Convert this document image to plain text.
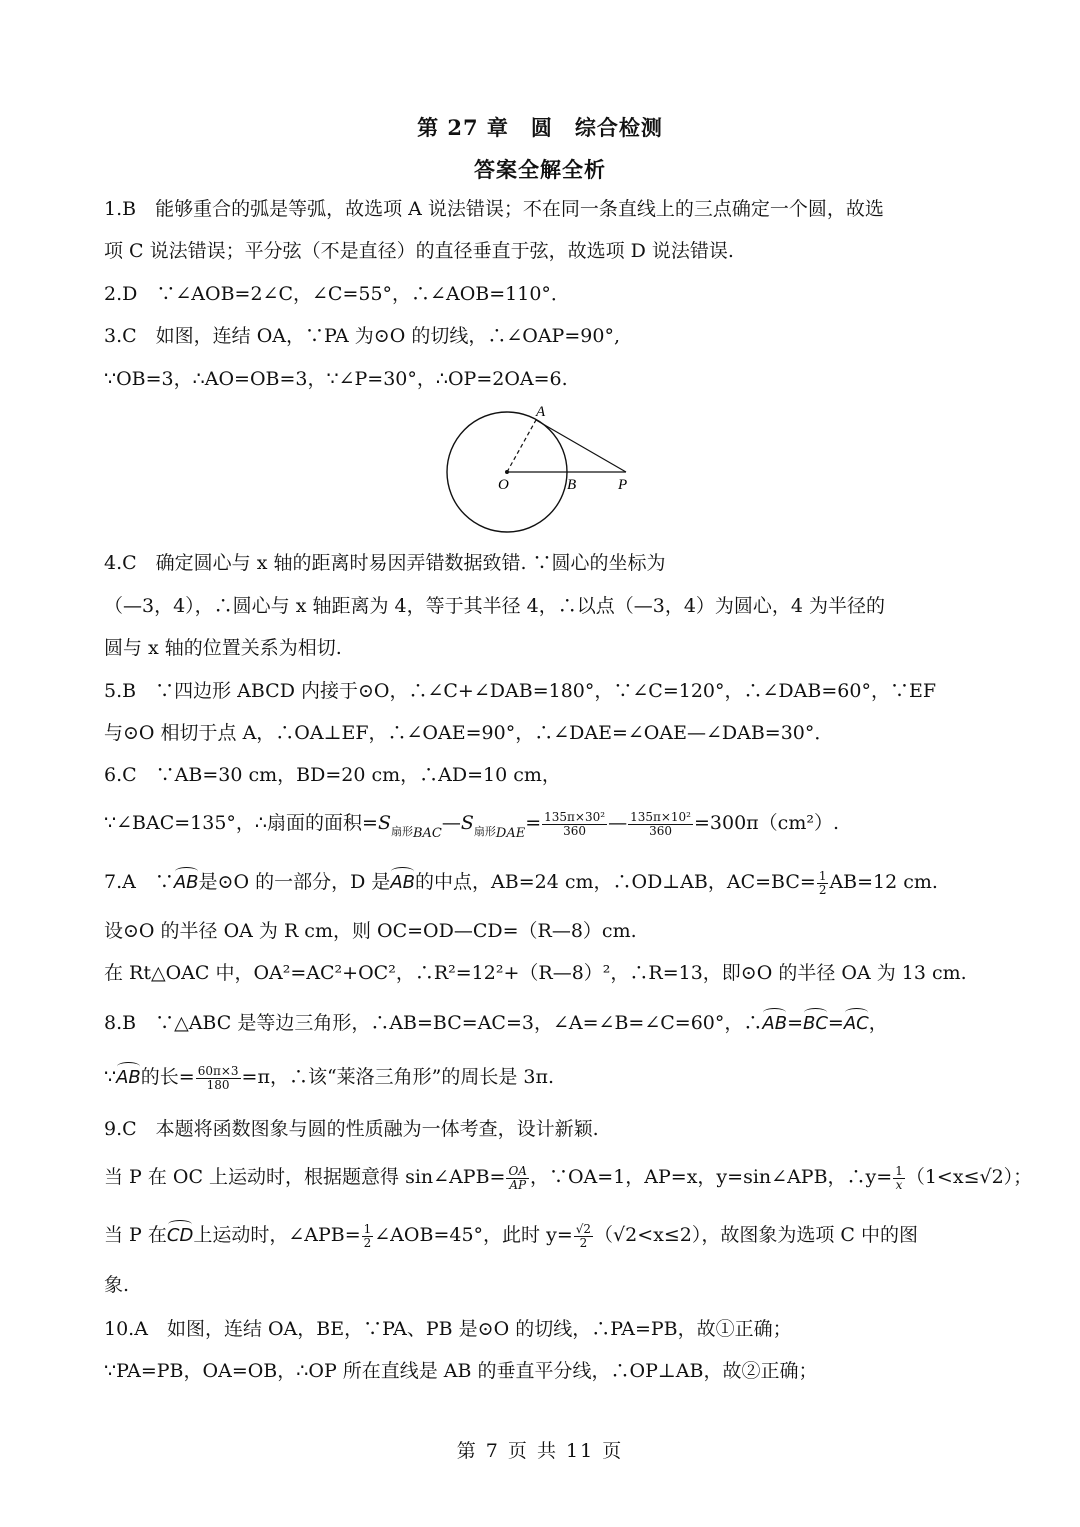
第 27 章　圆　综合检测
答案全解全析
1.B　能够重合的弧是等弧，故选项 A 说法错误；不在同一条直线上的三点确定一个圆，故选
项 C 说法错误；平分弦（不是直径）的直径垂直于弦，故选项 D 说法错误.
2.D　∵∠AOB=2∠C，∠C=55°，∴∠AOB=110°．
3.C　如图，连结 OA，∵PA 为⊙O 的切线，∴∠OAP=90°,
∵OB=3，∴AO=OB=3，∵∠P=30°，∴OP=2OA=6.
A
O	B	P
4.C　确定圆心与 x 轴的距离时易因弄错数据致错. ∵圆心的坐标为
（—3，4），∴圆心与 x 轴距离为 4，等于其半径 4，∴以点（—3，4）为圆心，4 为半径的
圆与 x 轴的位置关系为相切.
5.B　∵四边形 ABCD 内接于⊙O，∴∠C+∠DAB=180°，∵∠C=120°，∴∠DAB=60°，∵EF
与⊙O 相切于点 A，∴OA⊥EF，∴∠OAE=90°，∴∠DAE=∠OAE—∠DAB=30°．
6.C　∵AB=30 cm，BD=20 cm，∴AD=10 cm，
∵∠BAC=135°，∴扇面的面积$=S_{扇形BAC}—S_{扇形DAE}= \frac{\text{135π×30²}}{360}$ — $\frac{\text{135π×10²}}{360} =300\pi(cm^2)$.
7.A　∵AB是⊙O 的一部分，D 是AB的中点，AB=24 cm，∴OD⊥AB，$AC=BC= \frac{1}{2} AB=12$ cm.
设⊙O 的半径 OA 为 R cm，则 OC=OD—CD=（R—8）cm.
在 Rt△OAC 中，OA²=AC²+OC²，∴R²=12²+（R—8）²，∴R=13，即⊙O 的半径 OA 为 13 cm.
8.B　∵△ABC 是等边三角形，∴AB=BC=AC=3，∠A=∠B=∠C=60°，∴AB=BC=AC，
∵AB的长= $\frac{60\pi\times 3}{180} =\pi$，∴该“莱洛三角形”的周长是 3π.
9.C　本题将函数图象与圆的性质融为一体考查，设计新颖.
当 P 在 OC 上运动时，根据题意得 sin∠APB= $\frac{OA}{AP}$ ，∵OA=1，AP=x，y=sin∠APB，∴y= $\frac{1}{x} (1<x\le√2)$；
当 P 在CD上运动时，∠APB= $\frac{1}{2}$ ∠AOB=45°，此时 $y= \frac{√2}{2} (√2<x\le 2)$，故图象为选项 C 中的图
象.
10.A　如图，连结 OA，BE，∵PA、PB 是⊙O 的切线，∴PA=PB，故①正确；
∵PA=PB，OA=OB，∴OP 所在直线是 AB 的垂直平分线，∴OP⊥AB，故②正确；
第 7 页 共 11 页
